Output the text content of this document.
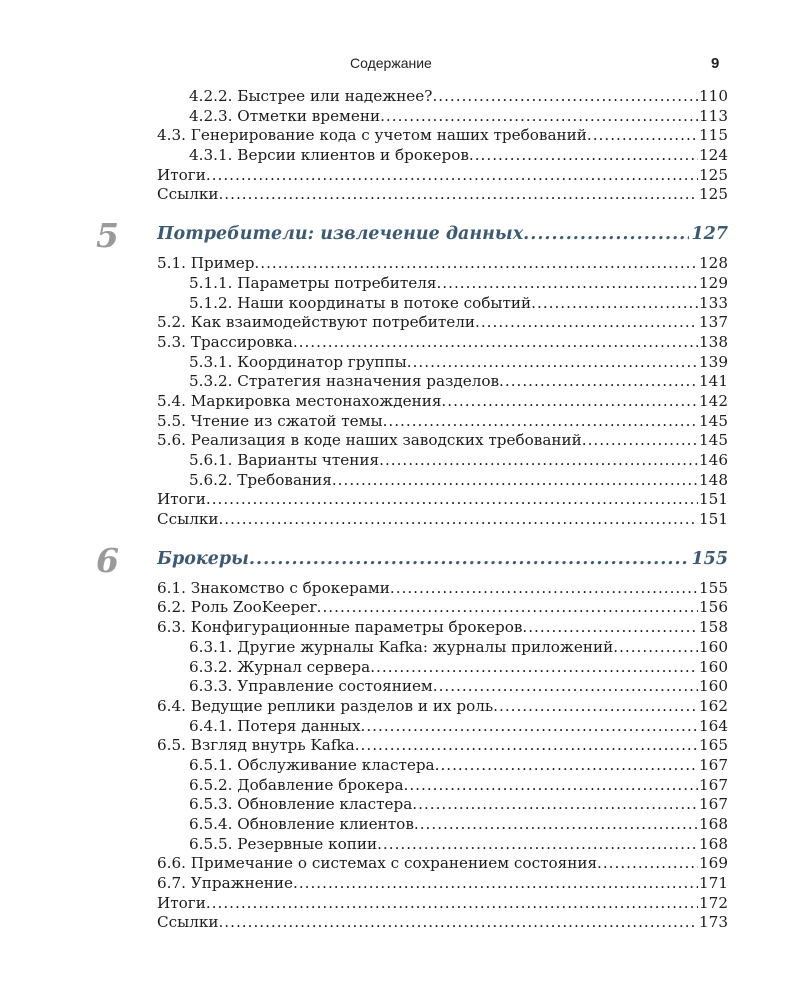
Содержание	9
4.2.2. Быстрее или надежнее? .....	110
4.2.3. Отметки времени .....	113
4.3. Генерирование кода с учетом наших требований .....	115
4.3.1. Версии клиентов и брокеров .....	124
Итоги .....	125
Ссылки .....	125
5 Потребители: извлечение данных .....	127
5.1. Пример .....	128
5.1.1. Параметры потребителя .....	129
5.1.2. Наши координаты в потоке событий .....	133
5.2. Как взаимодействуют потребители .....	137
5.3. Трассировка .....	138
5.3.1. Координатор группы .....	139
5.3.2. Стратегия назначения разделов .....	141
5.4. Маркировка местонахождения .....	142
5.5. Чтение из сжатой темы .....	145
5.6. Реализация в коде наших заводских требований .....	145
5.6.1. Варианты чтения .....	146
5.6.2. Требования .....	148
Итоги .....	151
Ссылки .....	151
6 Брокеры .....	155
6.1. Знакомство с брокерами .....	155
6.2. Роль ZooKeeper .....	156
6.3. Конфигурационные параметры брокеров .....	158
6.3.1. Другие журналы Kafka: журналы приложений .....	160
6.3.2. Журнал сервера .....	160
6.3.3. Управление состоянием .....	160
6.4. Ведущие реплики разделов и их роль .....	162
6.4.1. Потеря данных .....	164
6.5. Взгляд внутрь Kafka .....	165
6.5.1. Обслуживание кластера .....	167
6.5.2. Добавление брокера .....	167
6.5.3. Обновление кластера .....	167
6.5.4. Обновление клиентов .....	168
6.5.5. Резервные копии .....	168
6.6. Примечание о системах с сохранением состояния .....	169
6.7. Упражнение .....	171
Итоги .....	172
Ссылки .....	173
